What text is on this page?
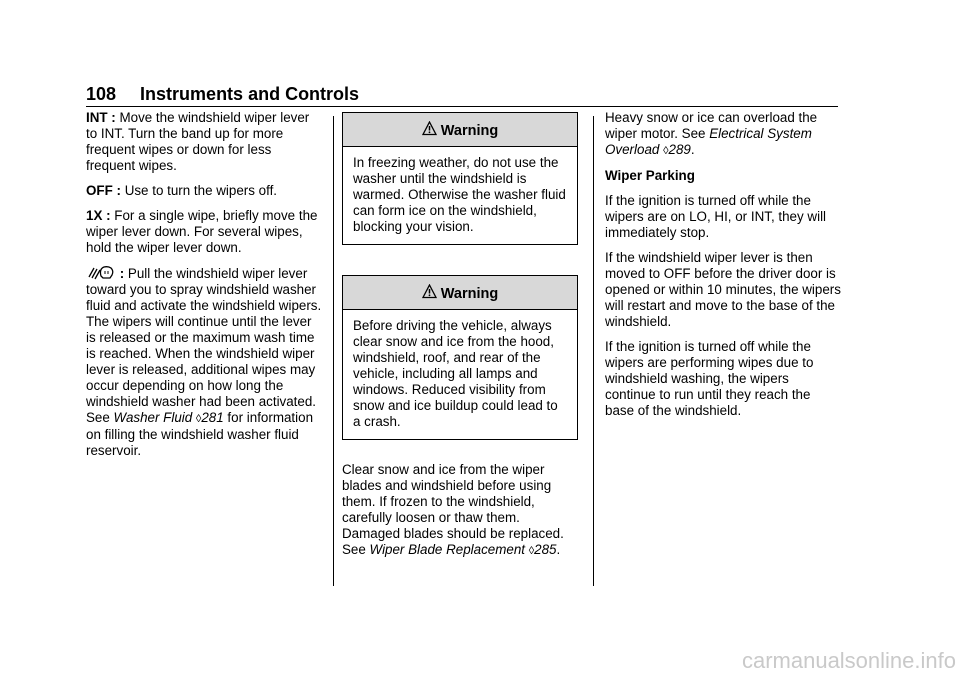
108 Instruments and Controls

INT : Move the windshield wiper lever to INT. Turn the band up for more frequent wipes or down for less frequent wipes.

OFF : Use to turn the wipers off.

1X : For a single wipe, briefly move the wiper lever down. For several wipes, hold the wiper lever down.

: Pull the windshield wiper lever toward you to spray windshield washer fluid and activate the windshield wipers. The wipers will continue until the lever is released or the maximum wash time is reached. When the windshield wiper lever is released, additional wipes may occur depending on how long the windshield washer had been activated. See Washer Fluid ◊281 for information on filling the windshield washer fluid reservoir.

Warning
In freezing weather, do not use the washer until the windshield is warmed. Otherwise the washer fluid can form ice on the windshield, blocking your vision.
Warning
Before driving the vehicle, always clear snow and ice from the hood, windshield, roof, and rear of the vehicle, including all lamps and windows. Reduced visibility from snow and ice buildup could lead to a crash.

Clear snow and ice from the wiper blades and windshield before using them. If frozen to the windshield, carefully loosen or thaw them. Damaged blades should be replaced. See Wiper Blade Replacement ◊285.

Heavy snow or ice can overload the wiper motor. See Electrical System Overload ◊289.

Wiper Parking

If the ignition is turned off while the wipers are on LO, HI, or INT, they will immediately stop.

If the windshield wiper lever is then moved to OFF before the driver door is opened or within 10 minutes, the wipers will restart and move to the base of the windshield.

If the ignition is turned off while the wipers are performing wipes due to windshield washing, the wipers continue to run until they reach the base of the windshield.

carmanualsonline.info
